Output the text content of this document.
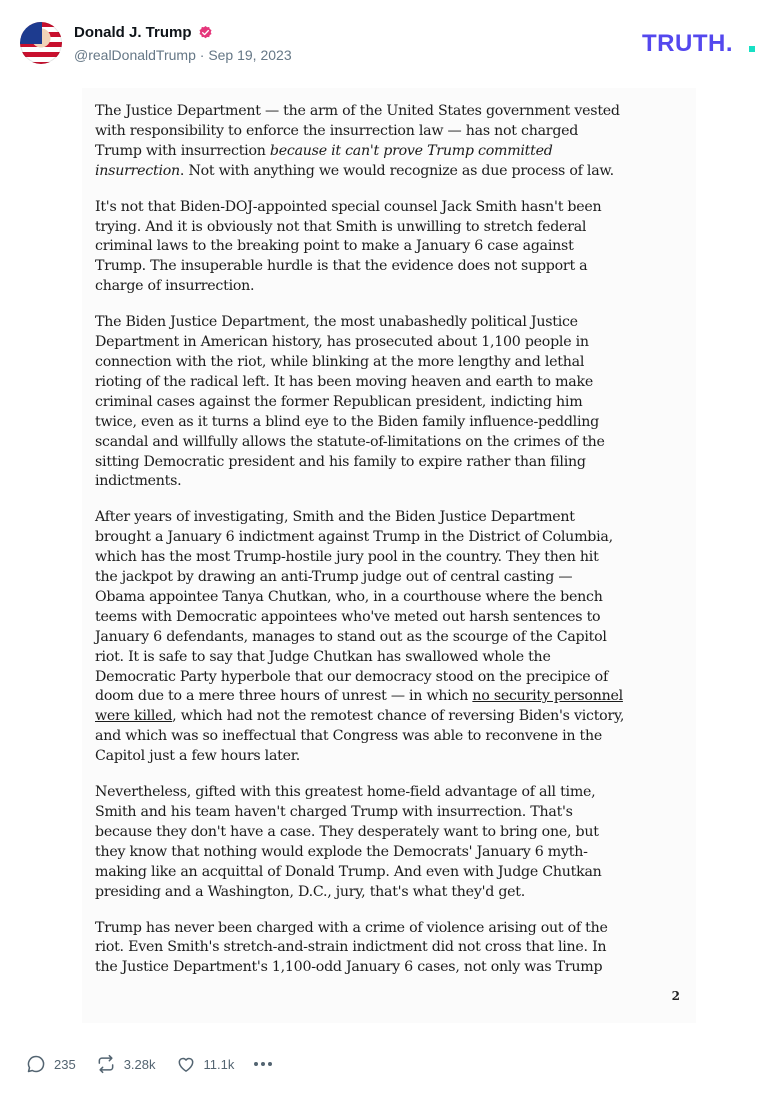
Donald J. Trump
@realDonaldTrump · Sep 19, 2023	TRUTH.

The Justice Department — the arm of the United States government vested
with responsibility to enforce the insurrection law — has not charged
Trump with insurrection because it can't prove Trump committed
insurrection. Not with anything we would recognize as due process of law.

It's not that Biden-DOJ-appointed special counsel Jack Smith hasn't been
trying. And it is obviously not that Smith is unwilling to stretch federal
criminal laws to the breaking point to make a January 6 case against
Trump. The insuperable hurdle is that the evidence does not support a
charge of insurrection.

The Biden Justice Department, the most unabashedly political Justice
Department in American history, has prosecuted about 1,100 people in
connection with the riot, while blinking at the more lengthy and lethal
rioting of the radical left. It has been moving heaven and earth to make
criminal cases against the former Republican president, indicting him
twice, even as it turns a blind eye to the Biden family influence-peddling
scandal and willfully allows the statute-of-limitations on the crimes of the
sitting Democratic president and his family to expire rather than filing
indictments.

After years of investigating, Smith and the Biden Justice Department
brought a January 6 indictment against Trump in the District of Columbia,
which has the most Trump-hostile jury pool in the country. They then hit
the jackpot by drawing an anti-Trump judge out of central casting —
Obama appointee Tanya Chutkan, who, in a courthouse where the bench
teems with Democratic appointees who've meted out harsh sentences to
January 6 defendants, manages to stand out as the scourge of the Capitol
riot. It is safe to say that Judge Chutkan has swallowed whole the
Democratic Party hyperbole that our democracy stood on the precipice of
doom due to a mere three hours of unrest — in which no security personnel
were killed, which had not the remotest chance of reversing Biden's victory,
and which was so ineffectual that Congress was able to reconvene in the
Capitol just a few hours later.

Nevertheless, gifted with this greatest home-field advantage of all time,
Smith and his team haven't charged Trump with insurrection. That's
because they don't have a case. They desperately want to bring one, but
they know that nothing would explode the Democrats' January 6 myth-
making like an acquittal of Donald Trump. And even with Judge Chutkan
presiding and a Washington, D.C., jury, that's what they'd get.

Trump has never been charged with a crime of violence arising out of the
riot. Even Smith's stretch-and-strain indictment did not cross that line. In
the Justice Department's 1,100-odd January 6 cases, not only was Trump

2
235	3.28k	11.1k
